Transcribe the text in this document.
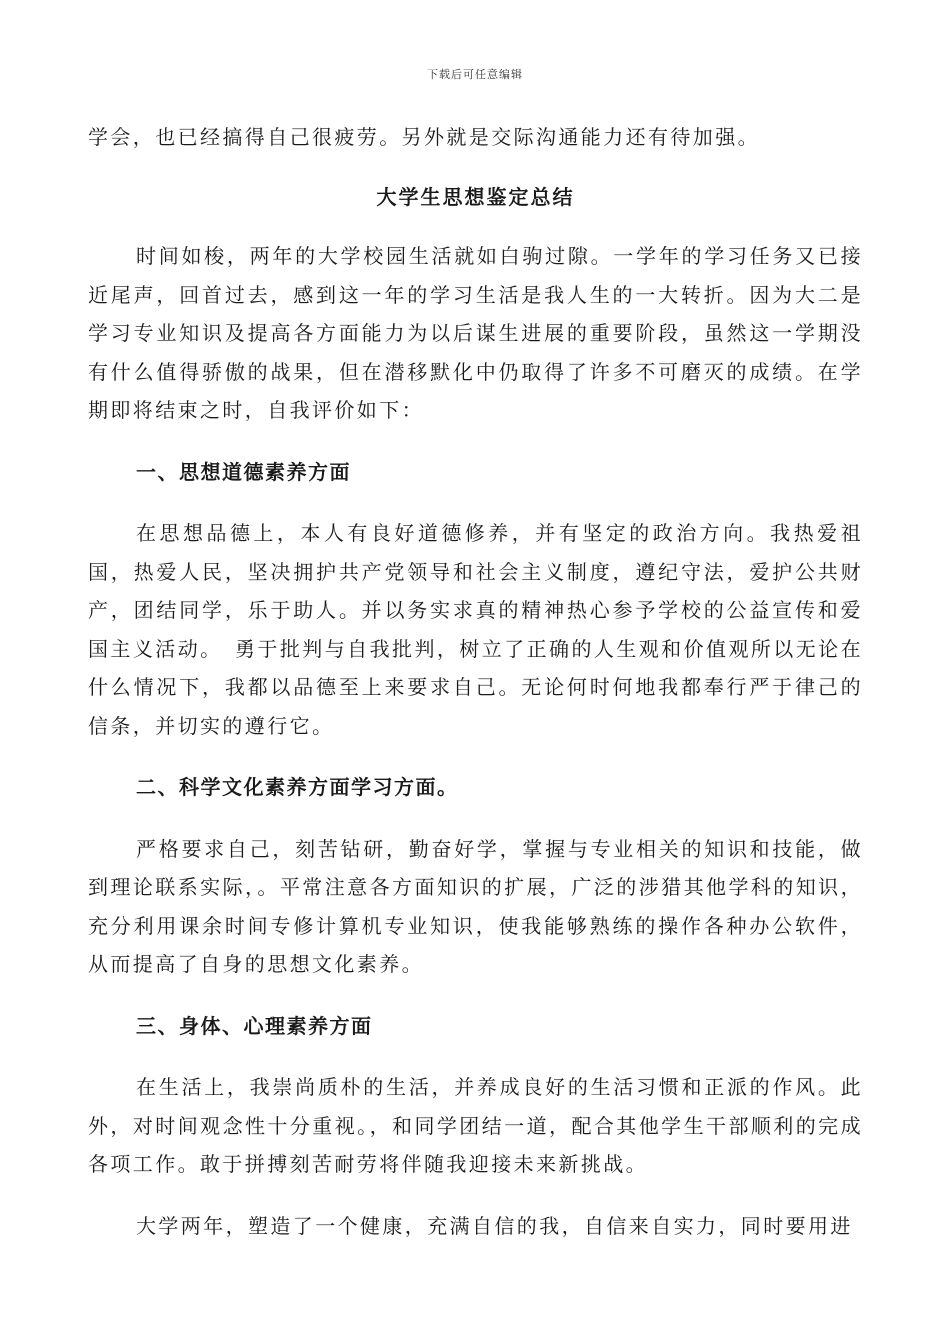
下载后可任意编辑

学会，也已经搞得自己很疲劳。另外就是交际沟通能力还有待加强。

大学生思想鉴定总结

时间如梭，两年的大学校园生活就如白驹过隙。一学年的学习任务又已接近尾声，回首过去，感到这一年的学习生活是我人生的一大转折。因为大二是学习专业知识及提高各方面能力为以后谋生进展的重要阶段，虽然这一学期没有什么值得骄傲的战果，但在潜移默化中仍取得了许多不可磨灭的成绩。在学期即将结束之时，自我评价如下：

一、思想道德素养方面

在思想品德上，本人有良好道德修养，并有坚定的政治方向。我热爱祖国，热爱人民，坚决拥护共产党领导和社会主义制度，遵纪守法，爱护公共财产，团结同学，乐于助人。并以务实求真的精神热心参予学校的公益宣传和爱国主义活动。　勇于批判与自我批判，树立了正确的人生观和价值观所以无论在什么情况下，我都以品德至上来要求自己。无论何时何地我都奉行严于律己的信条，并切实的遵行它。

二、科学文化素养方面学习方面。

严格要求自己，刻苦钻研，勤奋好学，掌握与专业相关的知识和技能，做到理论联系实际，。平常注意各方面知识的扩展，广泛的涉猎其他学科的知识，充分利用课余时间专修计算机专业知识，使我能够熟练的操作各种办公软件，从而提高了自身的思想文化素养。

三、身体、心理素养方面

在生活上，我崇尚质朴的生活，并养成良好的生活习惯和正派的作风。此外，对时间观念性十分重视。，和同学团结一道，配合其他学生干部顺利的完成各项工作。敢于拼搏刻苦耐劳将伴随我迎接未来新挑战。

大学两年，塑造了一个健康，充满自信的我，自信来自实力，同时要用进
